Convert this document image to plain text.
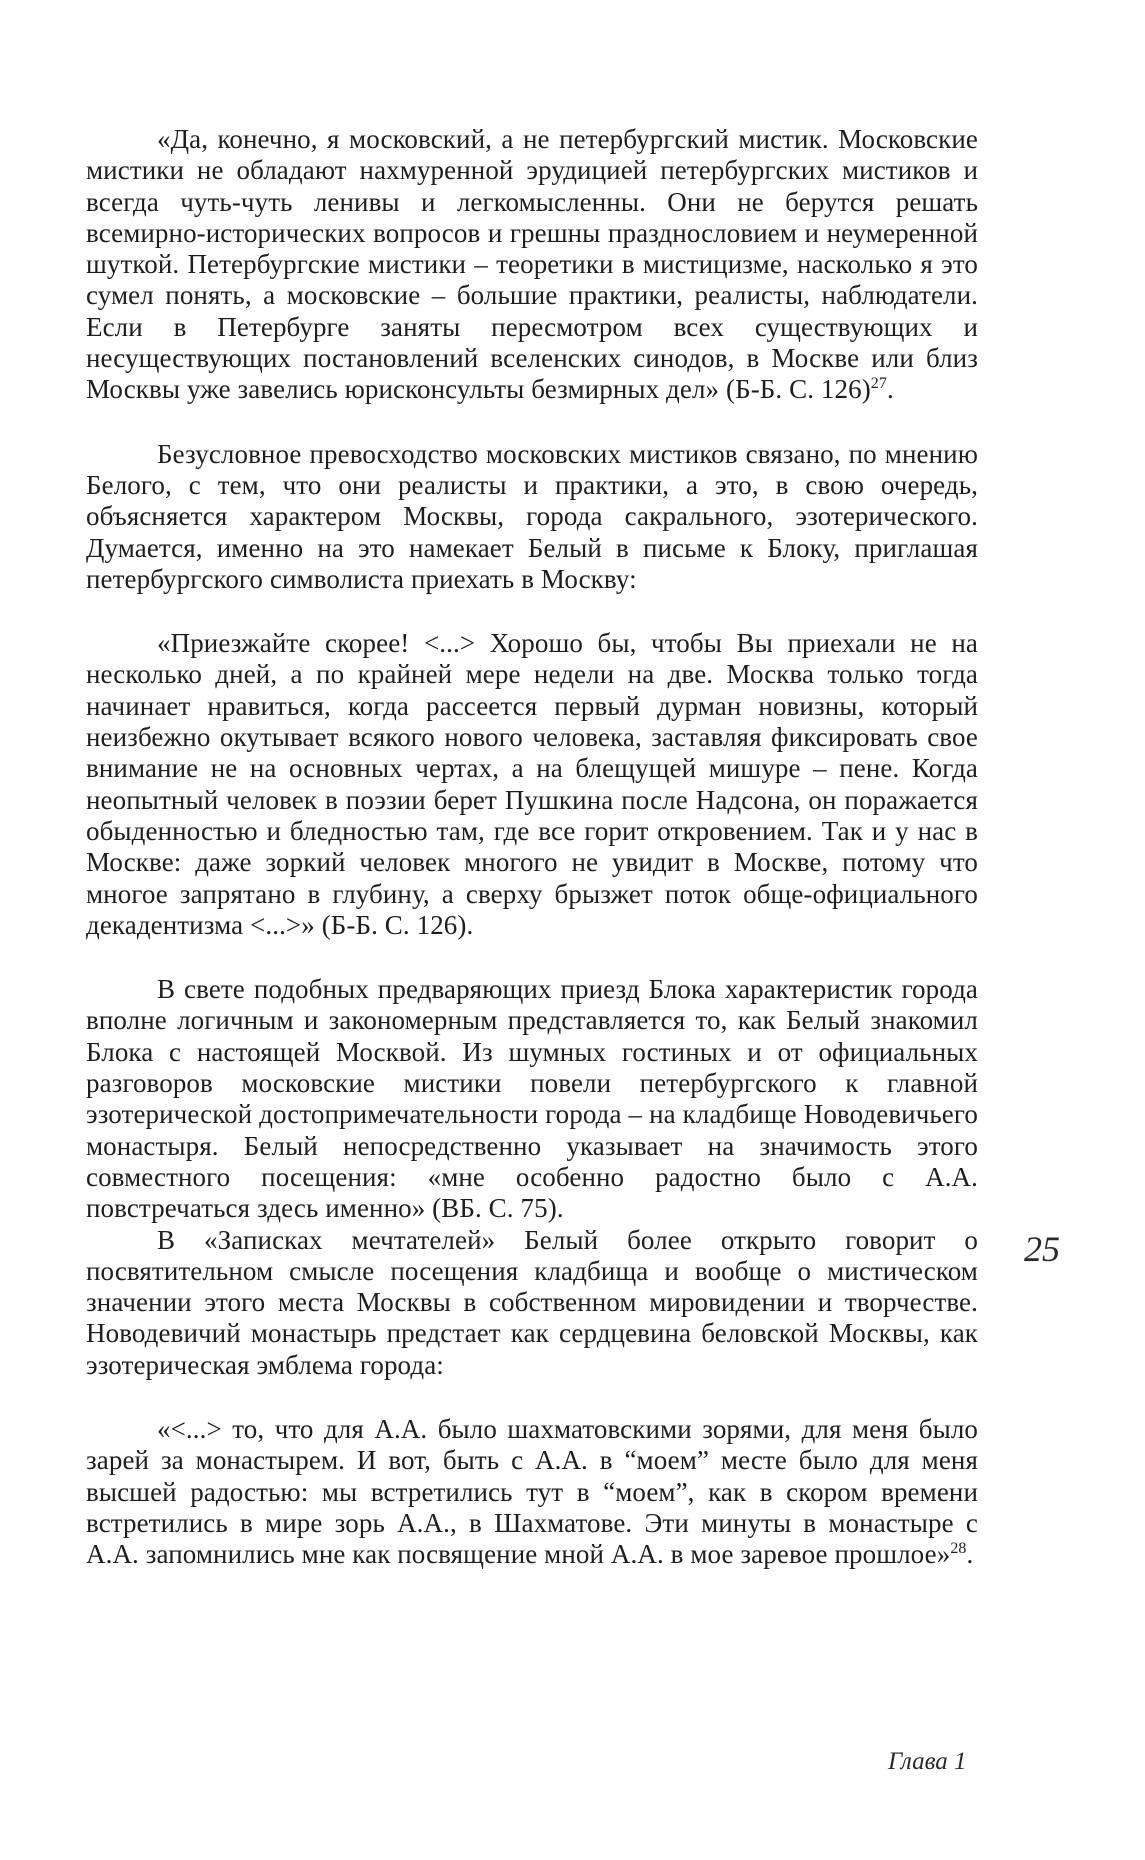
«Да, конечно, я московский, а не петербургский мистик. Московские мистики не обладают нахмуренной эрудицией петербургских мистиков и всегда чуть-чуть ленивы и легкомысленны. Они не берутся решать всемирно-исторических вопросов и грешны празднословием и неумеренной шуткой. Петербургские мистики – теоретики в мистицизме, насколько я это сумел понять, а московские – большие практики, реалисты, наблюдатели. Если в Петербурге заняты пересмотром всех существующих и несуществующих постановлений вселенских синодов, в Москве или близ Москвы уже завелись юрисконсульты безмирных дел» (Б-Б. С. 126)$^{27}$.

Безусловное превосходство московских мистиков связано, по мнению Белого, с тем, что они реалисты и практики, а это, в свою очередь, объясняется характером Москвы, города сакрального, эзотерического. Думается, именно на это намекает Белый в письме к Блоку, приглашая петербургского символиста приехать в Москву:

«Приезжайте скорее! <...> Хорошо бы, чтобы Вы приехали не на несколько дней, а по крайней мере недели на две. Москва только тогда начинает нравиться, когда рассеется первый дурман новизны, который неизбежно окутывает всякого нового человека, заставляя фиксировать свое внимание не на основных чертах, а на блещущей мишуре – пене. Когда неопытный человек в поэзии берет Пушкина после Надсона, он поражается обыденностью и бледностью там, где все горит откровением. Так и у нас в Москве: даже зоркий человек многого не увидит в Москве, потому что многое запрятано в глубину, а сверху брызжет поток обще-официального декадентизма <...>» (Б-Б. С. 126).

В свете подобных предваряющих приезд Блока характеристик города вполне логичным и закономерным представляется то, как Белый знакомил Блока с настоящей Москвой. Из шумных гостиных и от официальных разговоров московские мистики повели петербургского к главной эзотерической достопримечательности города – на кладбище Новодевичьего монастыря. Белый непосредственно указывает на значимость этого совместного посещения: «мне особенно радостно было с А.А. повстречаться здесь именно» (ВБ. С. 75).

В «Записках мечтателей» Белый более открыто говорит о посвятительном смысле посещения кладбища и вообще о мистическом значении этого места Москвы в собственном мировидении и творчестве. Новодевичий монастырь предстает как сердцевина беловской Москвы, как эзотерическая эмблема города:

«<...> то, что для А.А. было шахматовскими зорями, для меня было зарей за монастырем. И вот, быть с А.А. в “моем” месте было для меня высшей радостью: мы встретились тут в “моем”, как в скором времени встретились в мире зорь А.А., в Шахматове. Эти минуты в монастыре с А.А. запомнились мне как посвящение мной А.А. в мое заревое прошлое»$^{28}$.

25
Глава 1
